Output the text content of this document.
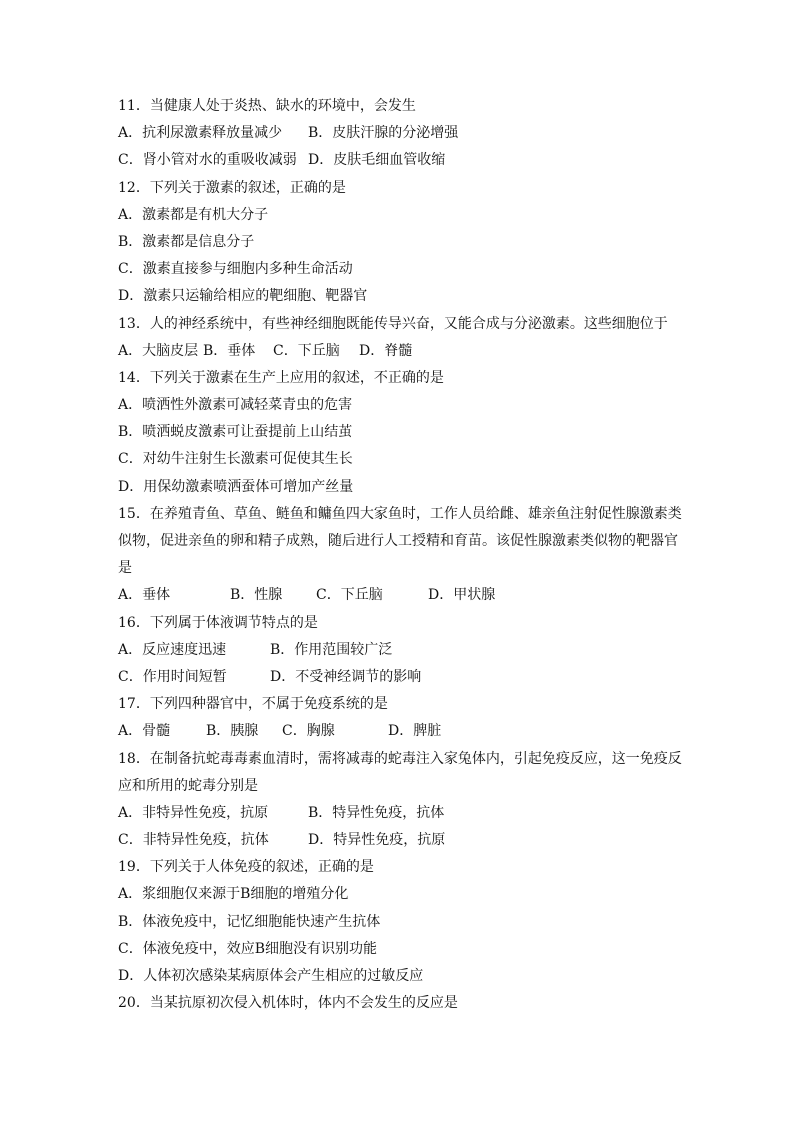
11．当健康人处于炎热、缺水的环境中，会发生
A．抗利尿激素释放量减少 B．皮肤汗腺的分泌增强
C．肾小管对水的重吸收减弱 D．皮肤毛细血管收缩
12．下列关于激素的叙述，正确的是
A．激素都是有机大分子
B．激素都是信息分子
C．激素直接参与细胞内多种生命活动
D．激素只运输给相应的靶细胞、靶器官
13．人的神经系统中，有些神经细胞既能传导兴奋，又能合成与分泌激素。这些细胞位于
A．大脑皮层 B．垂体 C．下丘脑 D．脊髓
14．下列关于激素在生产上应用的叙述，不正确的是
A．喷洒性外激素可减轻菜青虫的危害
B．喷洒蜕皮激素可让蚕提前上山结茧
C．对幼牛注射生长激素可促使其生长
D．用保幼激素喷洒蚕体可增加产丝量
15．在养殖青鱼、草鱼、鲢鱼和鳙鱼四大家鱼时，工作人员给雌、雄亲鱼注射促性腺激素类
似物，促进亲鱼的卵和精子成熟，随后进行人工授精和育苗。该促性腺激素类似物的靶器官
是
A．垂体	B．性腺 C．下丘脑	D．甲状腺
16．下列属于体液调节特点的是
A．反应速度迅速	B．作用范围较广泛
C．作用时间短暂	D．不受神经调节的影响
17．下列四种器官中，不属于免疫系统的是
A．骨髓	B．胰腺 C．胸腺	D．脾脏
18．在制备抗蛇毒毒素血清时，需将减毒的蛇毒注入家兔体内，引起免疫反应，这一免疫反
应和所用的蛇毒分别是
A．非特异性免疫，抗原	B．特异性免疫，抗体
C．非特异性免疫，抗体	D．特异性免疫，抗原
19．下列关于人体免疫的叙述，正确的是
A．浆细胞仅来源于B细胞的增殖分化
B．体液免疫中，记忆细胞能快速产生抗体
C．体液免疫中，效应B细胞没有识别功能
D．人体初次感染某病原体会产生相应的过敏反应
20．当某抗原初次侵入机体时，体内不会发生的反应是
